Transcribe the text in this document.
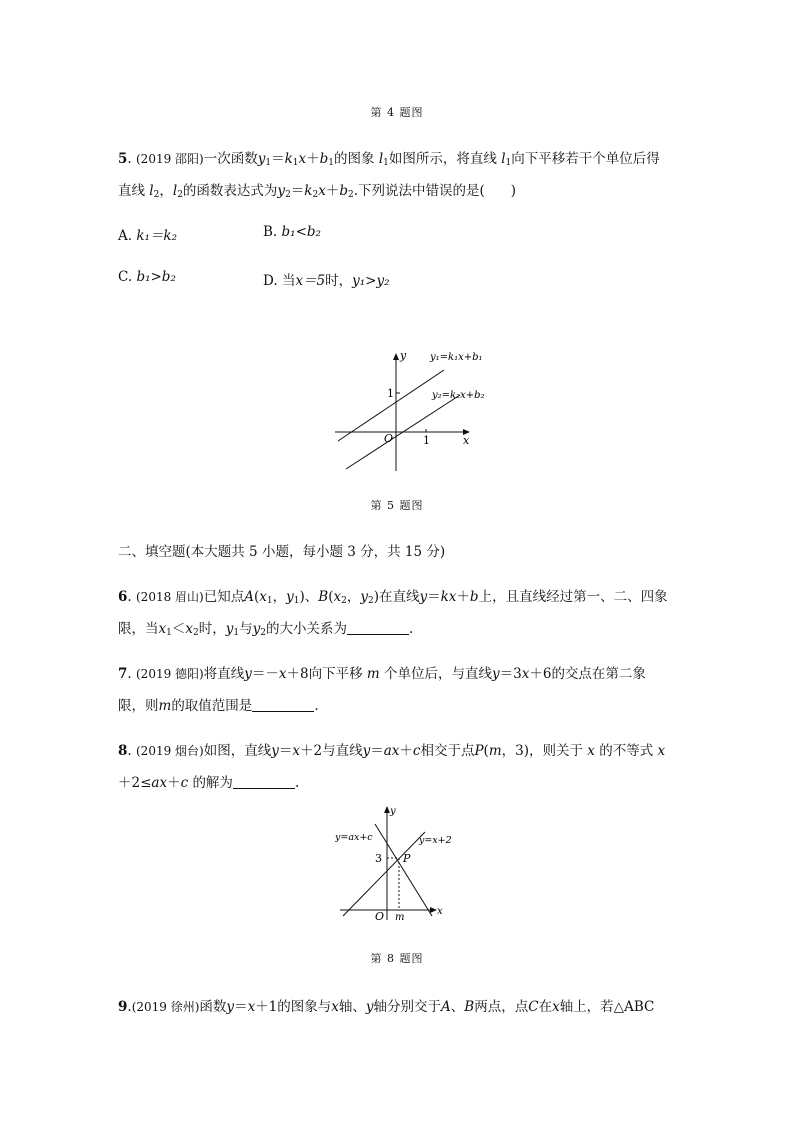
第 4 题图
5. (2019 邵阳)一次函数$y_1=k_1x+b_1$的图象 $l_1$如图所示，将直线 $l_1$向下平移若干个单位后得
直线 $l_2$，$l_2$的函数表达式为$y_2=k_2x+b_2$.下列说法中错误的是( )
A. k₁＝k₂	B. b₁<b₂
C. b₁>b₂	D. 当x＝5时，y₁>y₂
1
1
O	x
y y₁=k₁x+b₁
y₂=k₂x+b₂
第 5 题图
二、填空题(本大题共 5 小题，每小题 3 分，共 15 分)
6. (2018 眉山)已知点$A(x_1$，$y_1$)、$B(x_2$，$y_2$)在直线y＝kx＋b上，且直线经过第一、二、四象
限，当$x_1<x_2$时，$y_1$与$y_2$的大小关系为	.
7. (2019 德阳)将直线y＝－x＋8向下平移 m 个单位后，与直线y＝3x＋6的交点在第二象
限，则m的取值范围是	.
8. (2019 烟台)如图，直线y＝x＋2与直线y＝ax＋c相交于点P(m，3)，则关于 x 的不等式 x
＋2≤ax＋c 的解为	.
3
m
P
O	x
y
y=ax+c	y=x+2
第 8 题图
9.(2019 徐州)函数y＝x＋1的图象与x轴、y轴分别交于A、B两点，点C在x轴上，若△ABC
